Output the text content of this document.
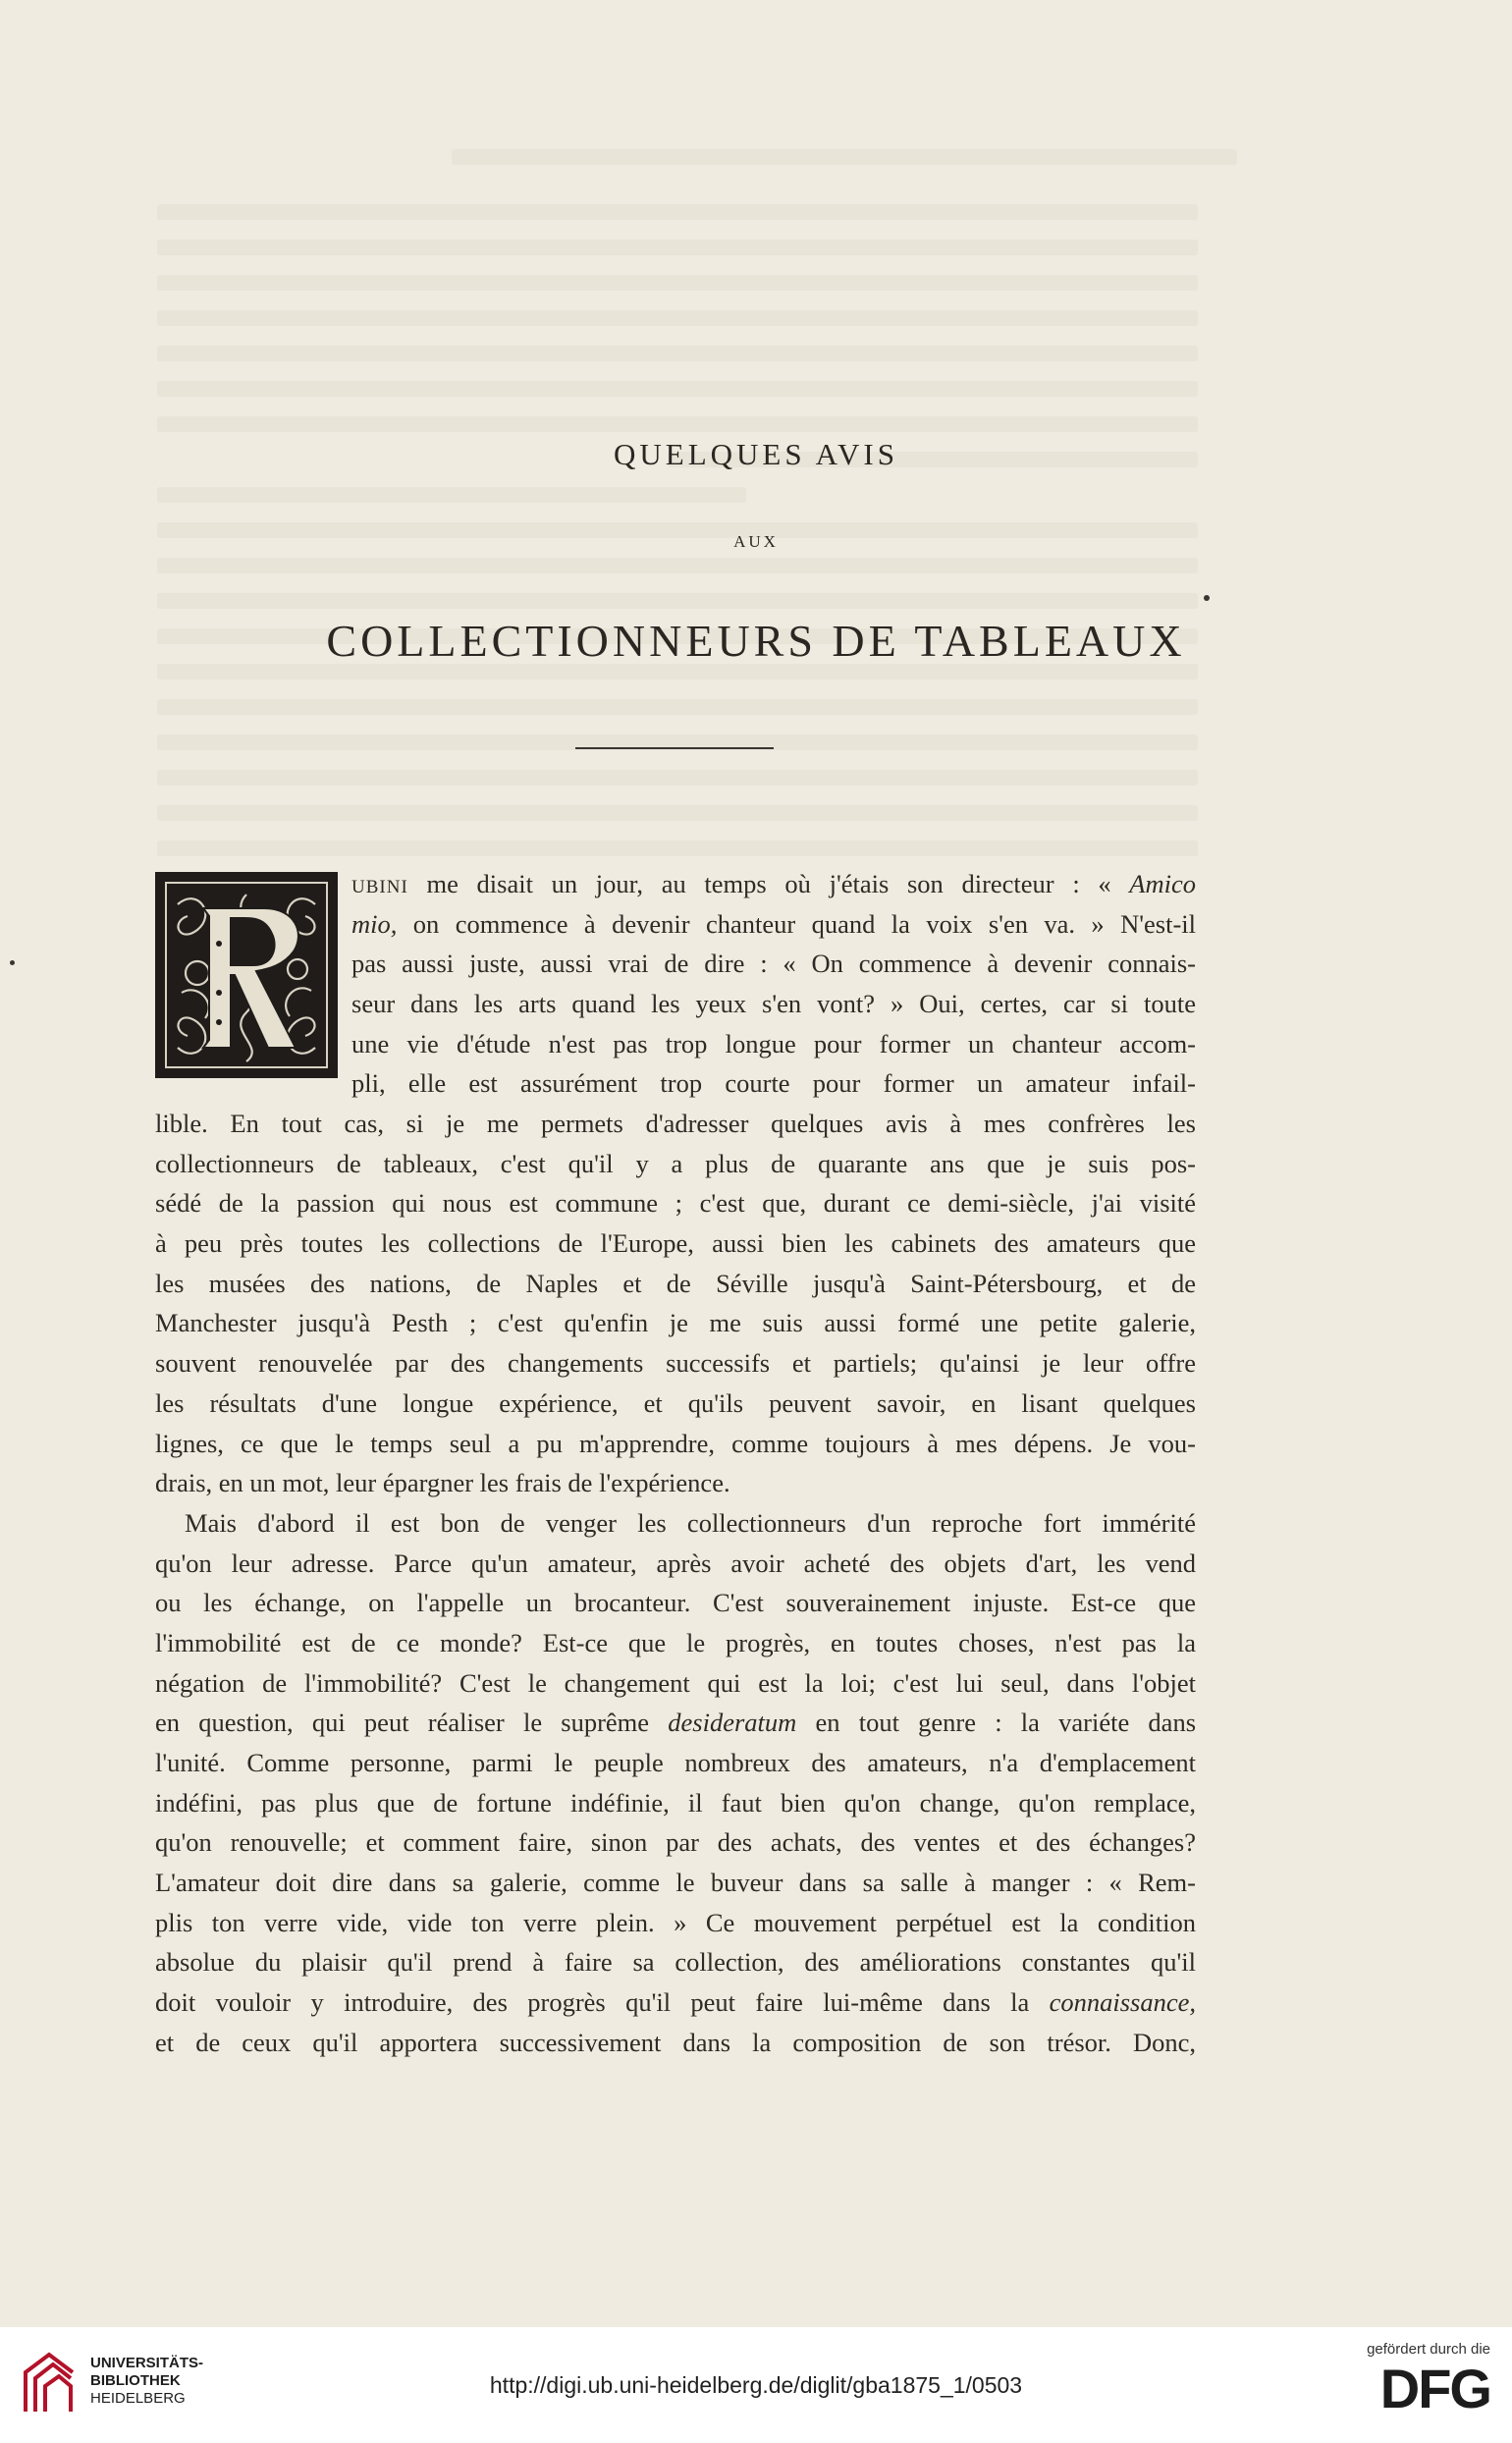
QUELQUES AVIS
AUX
COLLECTIONNEURS DE TABLEAUX
ubini me disait un jour, au temps où j'étais son directeur : « Amico
mio, on commence à devenir chanteur quand la voix s'en va. » N'est-il
pas aussi juste, aussi vrai de dire : « On commence à devenir connais-
seur dans les arts quand les yeux s'en vont? » Oui, certes, car si toute
une vie d'étude n'est pas trop longue pour former un chanteur accom-
pli, elle est assurément trop courte pour former un amateur infail-
lible. En tout cas, si je me permets d'adresser quelques avis à mes confrères les
collectionneurs de tableaux, c'est qu'il y a plus de quarante ans que je suis pos-
sédé de la passion qui nous est commune ; c'est que, durant ce demi-siècle, j'ai visité
à peu près toutes les collections de l'Europe, aussi bien les cabinets des amateurs que
les musées des nations, de Naples et de Séville jusqu'à Saint-Pétersbourg, et de
Manchester jusqu'à Pesth ; c'est qu'enfin je me suis aussi formé une petite galerie,
souvent renouvelée par des changements successifs et partiels; qu'ainsi je leur offre
les résultats d'une longue expérience, et qu'ils peuvent savoir, en lisant quelques
lignes, ce que le temps seul a pu m'apprendre, comme toujours à mes dépens. Je vou-
drais, en un mot, leur épargner les frais de l'expérience.
Mais d'abord il est bon de venger les collectionneurs d'un reproche fort immérité
qu'on leur adresse. Parce qu'un amateur, après avoir acheté des objets d'art, les vend
ou les échange, on l'appelle un brocanteur. C'est souverainement injuste. Est-ce que
l'immobilité est de ce monde? Est-ce que le progrès, en toutes choses, n'est pas la
négation de l'immobilité? C'est le changement qui est la loi; c'est lui seul, dans l'objet
en question, qui peut réaliser le suprême desideratum en tout genre : la variéte dans
l'unité. Comme personne, parmi le peuple nombreux des amateurs, n'a d'emplacement
indéfini, pas plus que de fortune indéfinie, il faut bien qu'on change, qu'on remplace,
qu'on renouvelle; et comment faire, sinon par des achats, des ventes et des échanges?
L'amateur doit dire dans sa galerie, comme le buveur dans sa salle à manger : « Rem-
plis ton verre vide, vide ton verre plein. » Ce mouvement perpétuel est la condition
absolue du plaisir qu'il prend à faire sa collection, des améliorations constantes qu'il
doit vouloir y introduire, des progrès qu'il peut faire lui-même dans la connaissance,
et de ceux qu'il apportera successivement dans la composition de son trésor. Donc,
UNIVERSITÄTS-
BIBLIOTHEK
HEIDELBERG
http://digi.ub.uni-heidelberg.de/diglit/gba1875_1/0503
gefördert durch die
DFG
